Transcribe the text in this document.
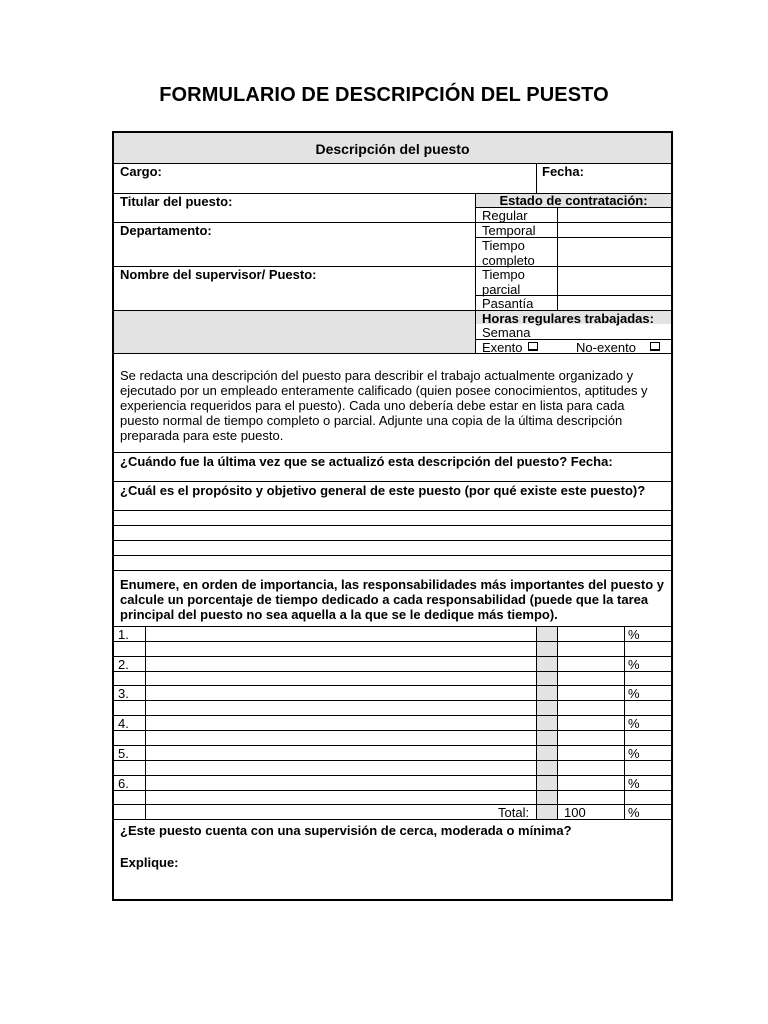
FORMULARIO DE DESCRIPCIÓN DEL PUESTO
Descripción del puesto
Cargo:	Fecha:
Titular del puesto:
Departamento:
Nombre del supervisor/ Puesto:
Estado de contratación:
Regular
Temporal
Tiempo completo
Tiempo parcial
Pasantía
Horas regulares trabajadas:
Semana
Exento	No-exento
Se redacta una descripción del puesto para describir el trabajo actualmente organizado y ejecutado por un empleado enteramente calificado (quien posee conocimientos, aptitudes y experiencia requeridos para el puesto). Cada uno debería debe estar en lista para cada puesto normal de tiempo completo o parcial. Adjunte una copia de la última descripción preparada para este puesto.
¿Cuándo fue la última vez que se actualizó esta descripción del puesto? Fecha:
¿Cuál es el propósito y objetivo general de este puesto (por qué existe este puesto)?
Enumere, en orden de importancia, las responsabilidades más importantes del puesto y calcule un porcentaje de tiempo dedicado a cada responsabilidad (puede que la tarea principal del puesto no sea aquella a la que se le dedique más tiempo).
1.	%
2.	%
3.	%
4.	%
5.	%
6.	%
Total:	100	%
¿Este puesto cuenta con una supervisión de cerca, moderada o mínima?
Explique:
